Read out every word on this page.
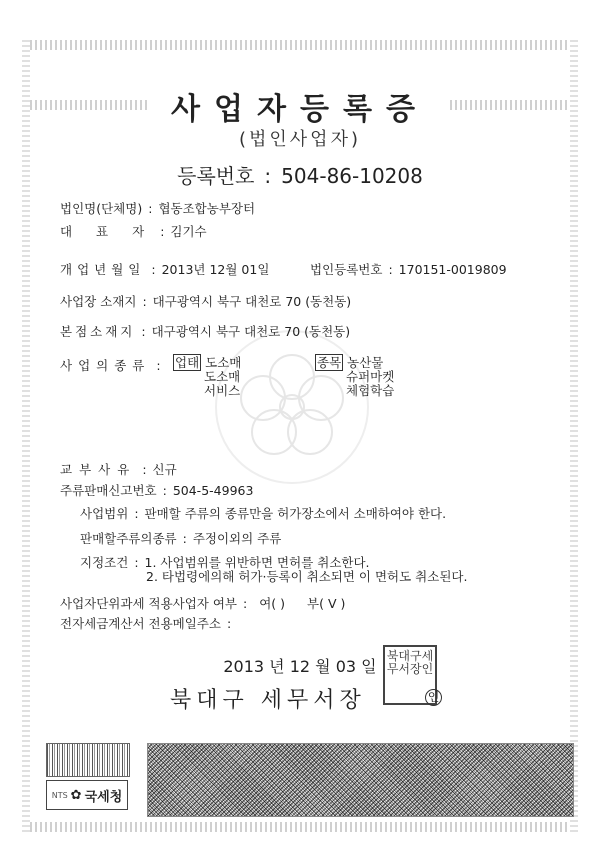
사업자등록증
(법인사업자)
등록번호 : 504-86-10208
법인명(단체명) : 협동조합농부장터
대 표 자 : 김기수
개업년월일 : 2013년 12월 01일	법인등록번호 : 170151-0019809
사업장 소재지 : 대구광역시 북구 대천로 70 (동천동)
본점소재지 : 대구광역시 북구 대천로 70 (동천동)
사업의종류 :	업태 도소매
도소매
서비스
종목 농산물
슈퍼마켓
체험학습
교부사유 : 신규
주류판매신고번호 : 504-5-49963
사업범위 : 판매할 주류의 종류만을 허가장소에서 소매하여야 한다.
판매할주류의종류 : 주정이외의 주류
지정조건 : 1. 사업범위를 위반하면 면허를 취소한다.
2. 타법령에의해 허가·등록이 취소되면 이 면허도 취소된다.
사업자단위과세 적용사업자 여부 : 여( ) 부( V )
전자세금계산서 전용메일주소 :
2013 년 12 월 03 일
북대구 세무서장
북대구세무서장인
인
NTS ✿ 국세청
